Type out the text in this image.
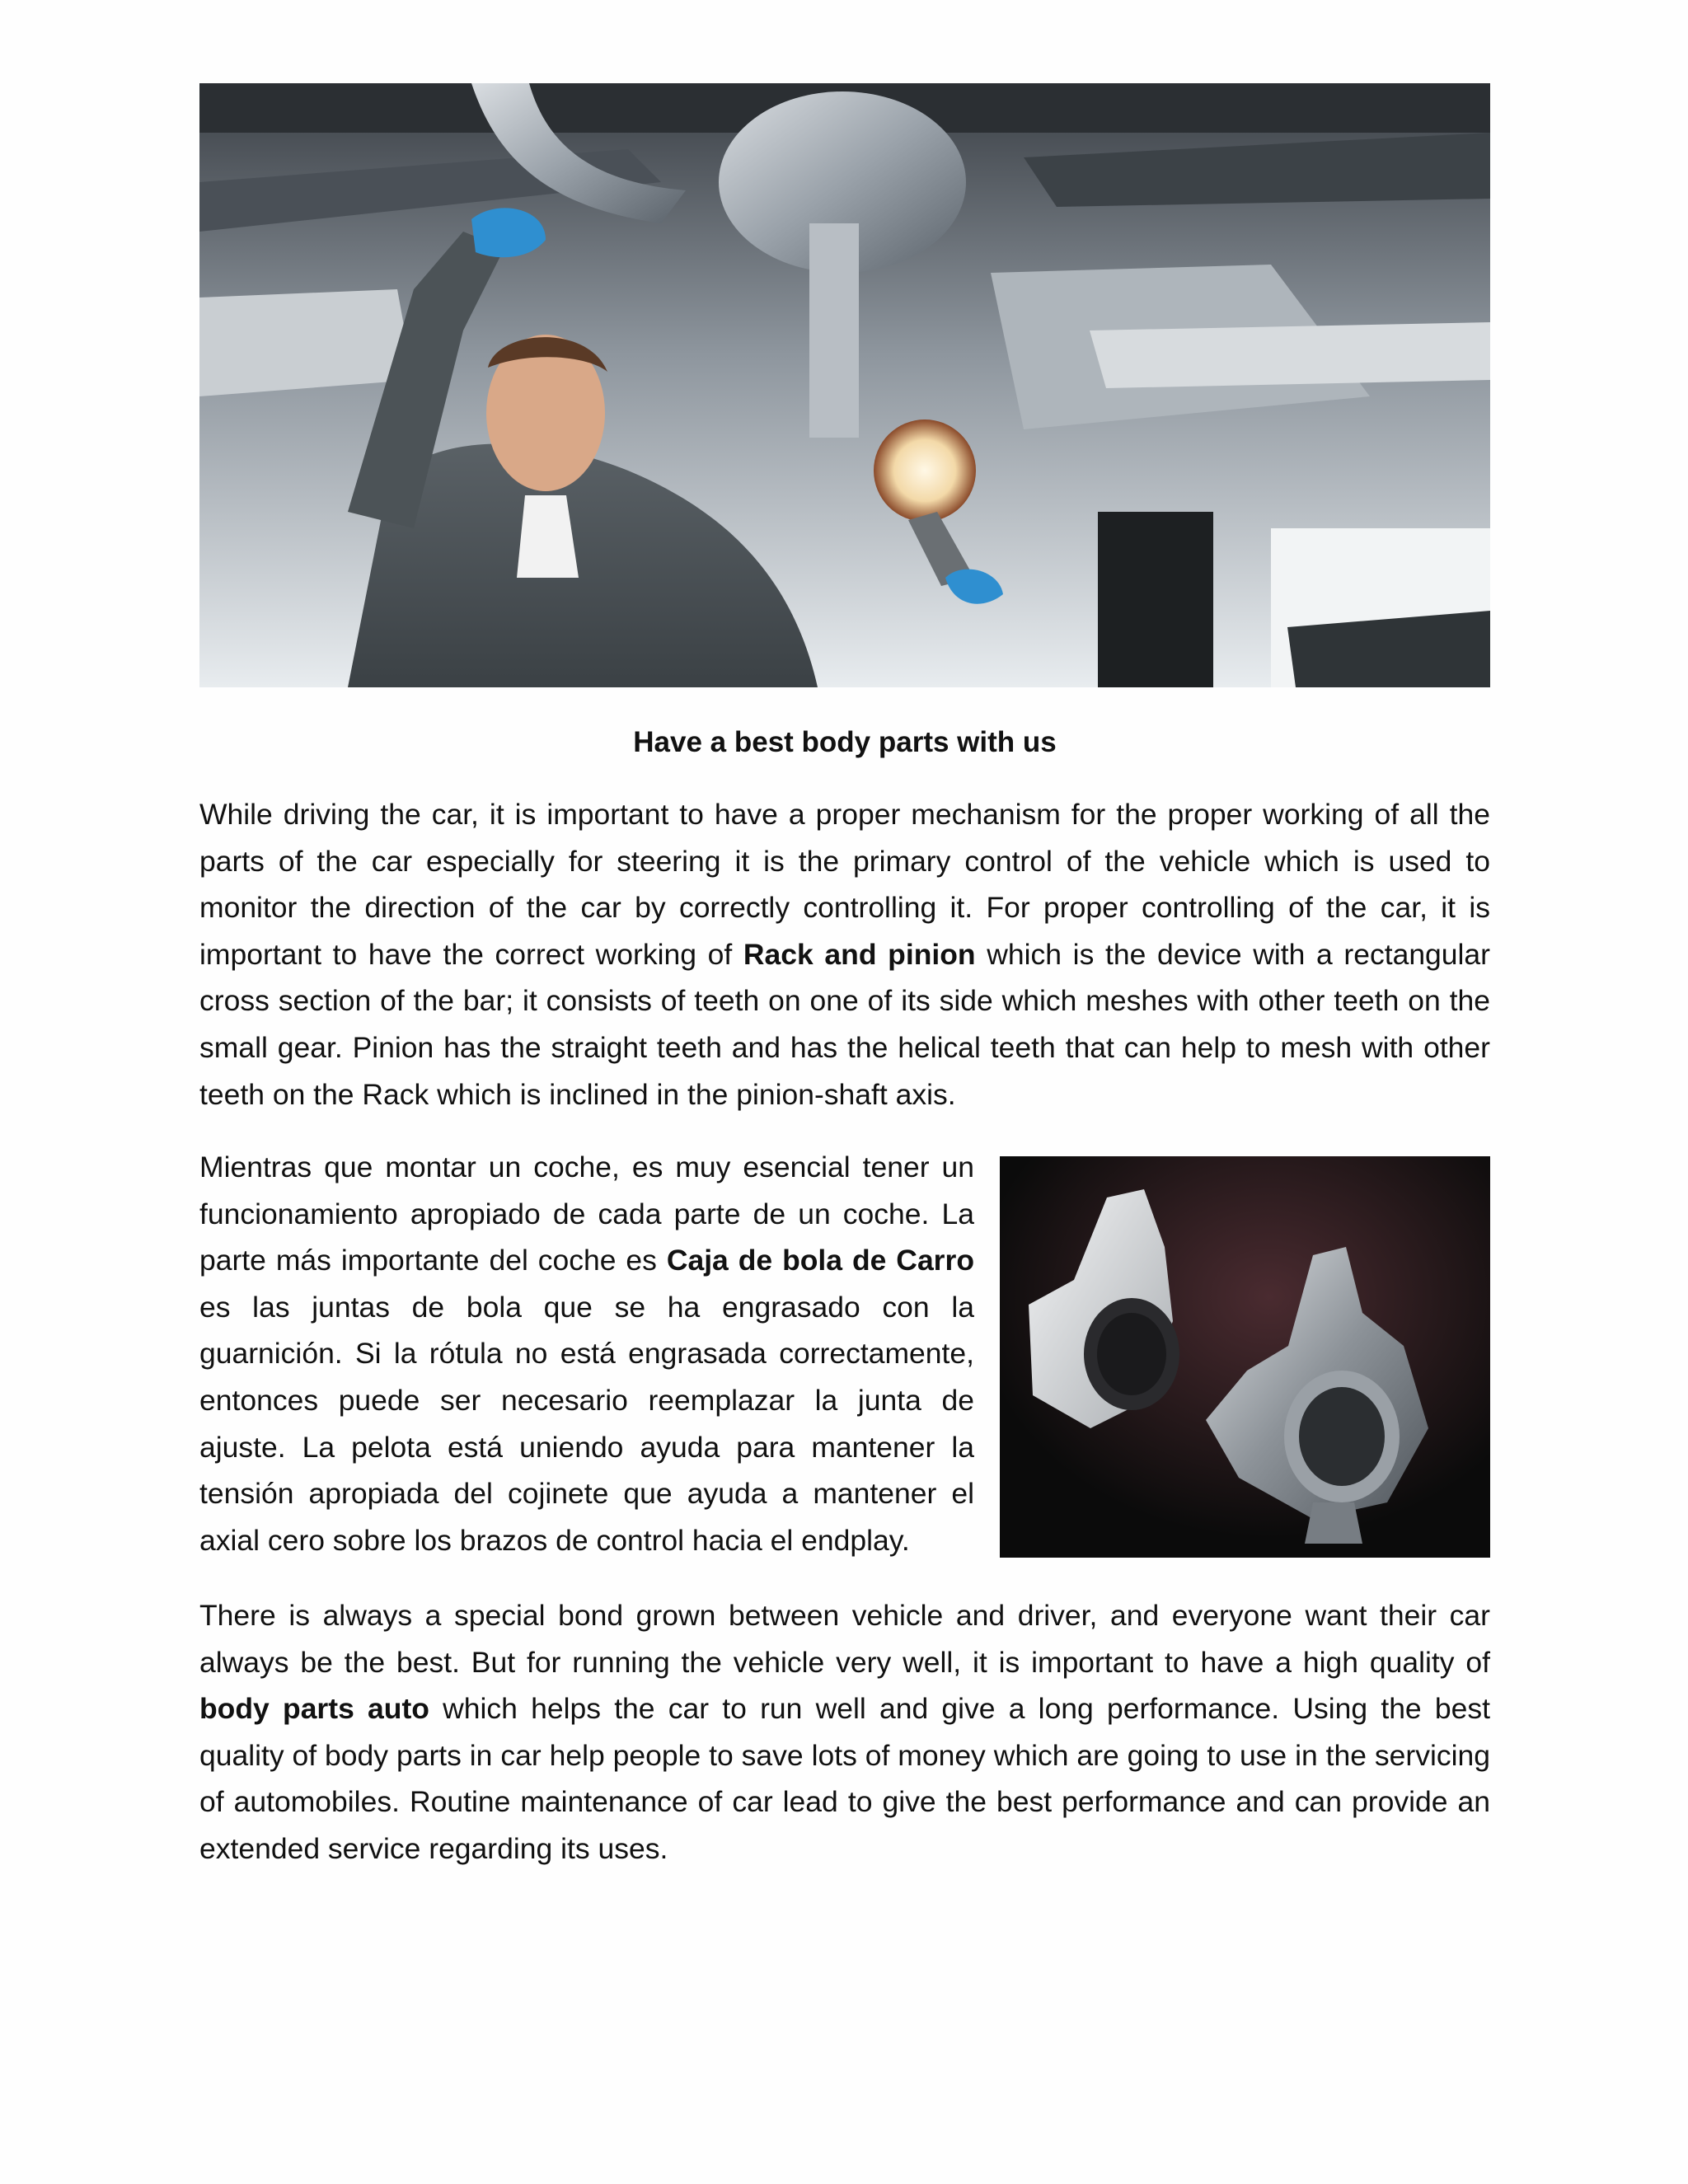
Have a best body parts with us

While driving the car, it is important to have a proper mechanism for the proper working of all the parts of the car especially for steering it is the primary control of the vehicle which is used to monitor the direction of the car by correctly controlling it. For proper controlling of the car, it is important to have the correct working of Rack and pinion which is the device with a rectangular cross section of the bar; it consists of teeth on one of its side which meshes with other teeth on the small gear. Pinion has the straight teeth and has the helical teeth that can help to mesh with other teeth on the Rack which is inclined in the pinion-shaft axis.

Mientras que montar un coche, es muy esencial tener un funcionamiento apropiado de cada parte de un coche. La parte más importante del coche es Caja de bola de Carro es las juntas de bola que se ha engrasado con la guarnición. Si la rótula no está engrasada correctamente, entonces puede ser necesario reemplazar la junta de ajuste. La pelota está uniendo ayuda para mantener la tensión apropiada del cojinete que ayuda a mantener el axial cero sobre los brazos de control hacia el endplay.

There is always a special bond grown between vehicle and driver, and everyone want their car always be the best. But for running the vehicle very well, it is important to have a high quality of body parts auto which helps the car to run well and give a long performance. Using the best quality of body parts in car help people to save lots of money which are going to use in the servicing of automobiles. Routine maintenance of car lead to give the best performance and can provide an extended service regarding its uses.
